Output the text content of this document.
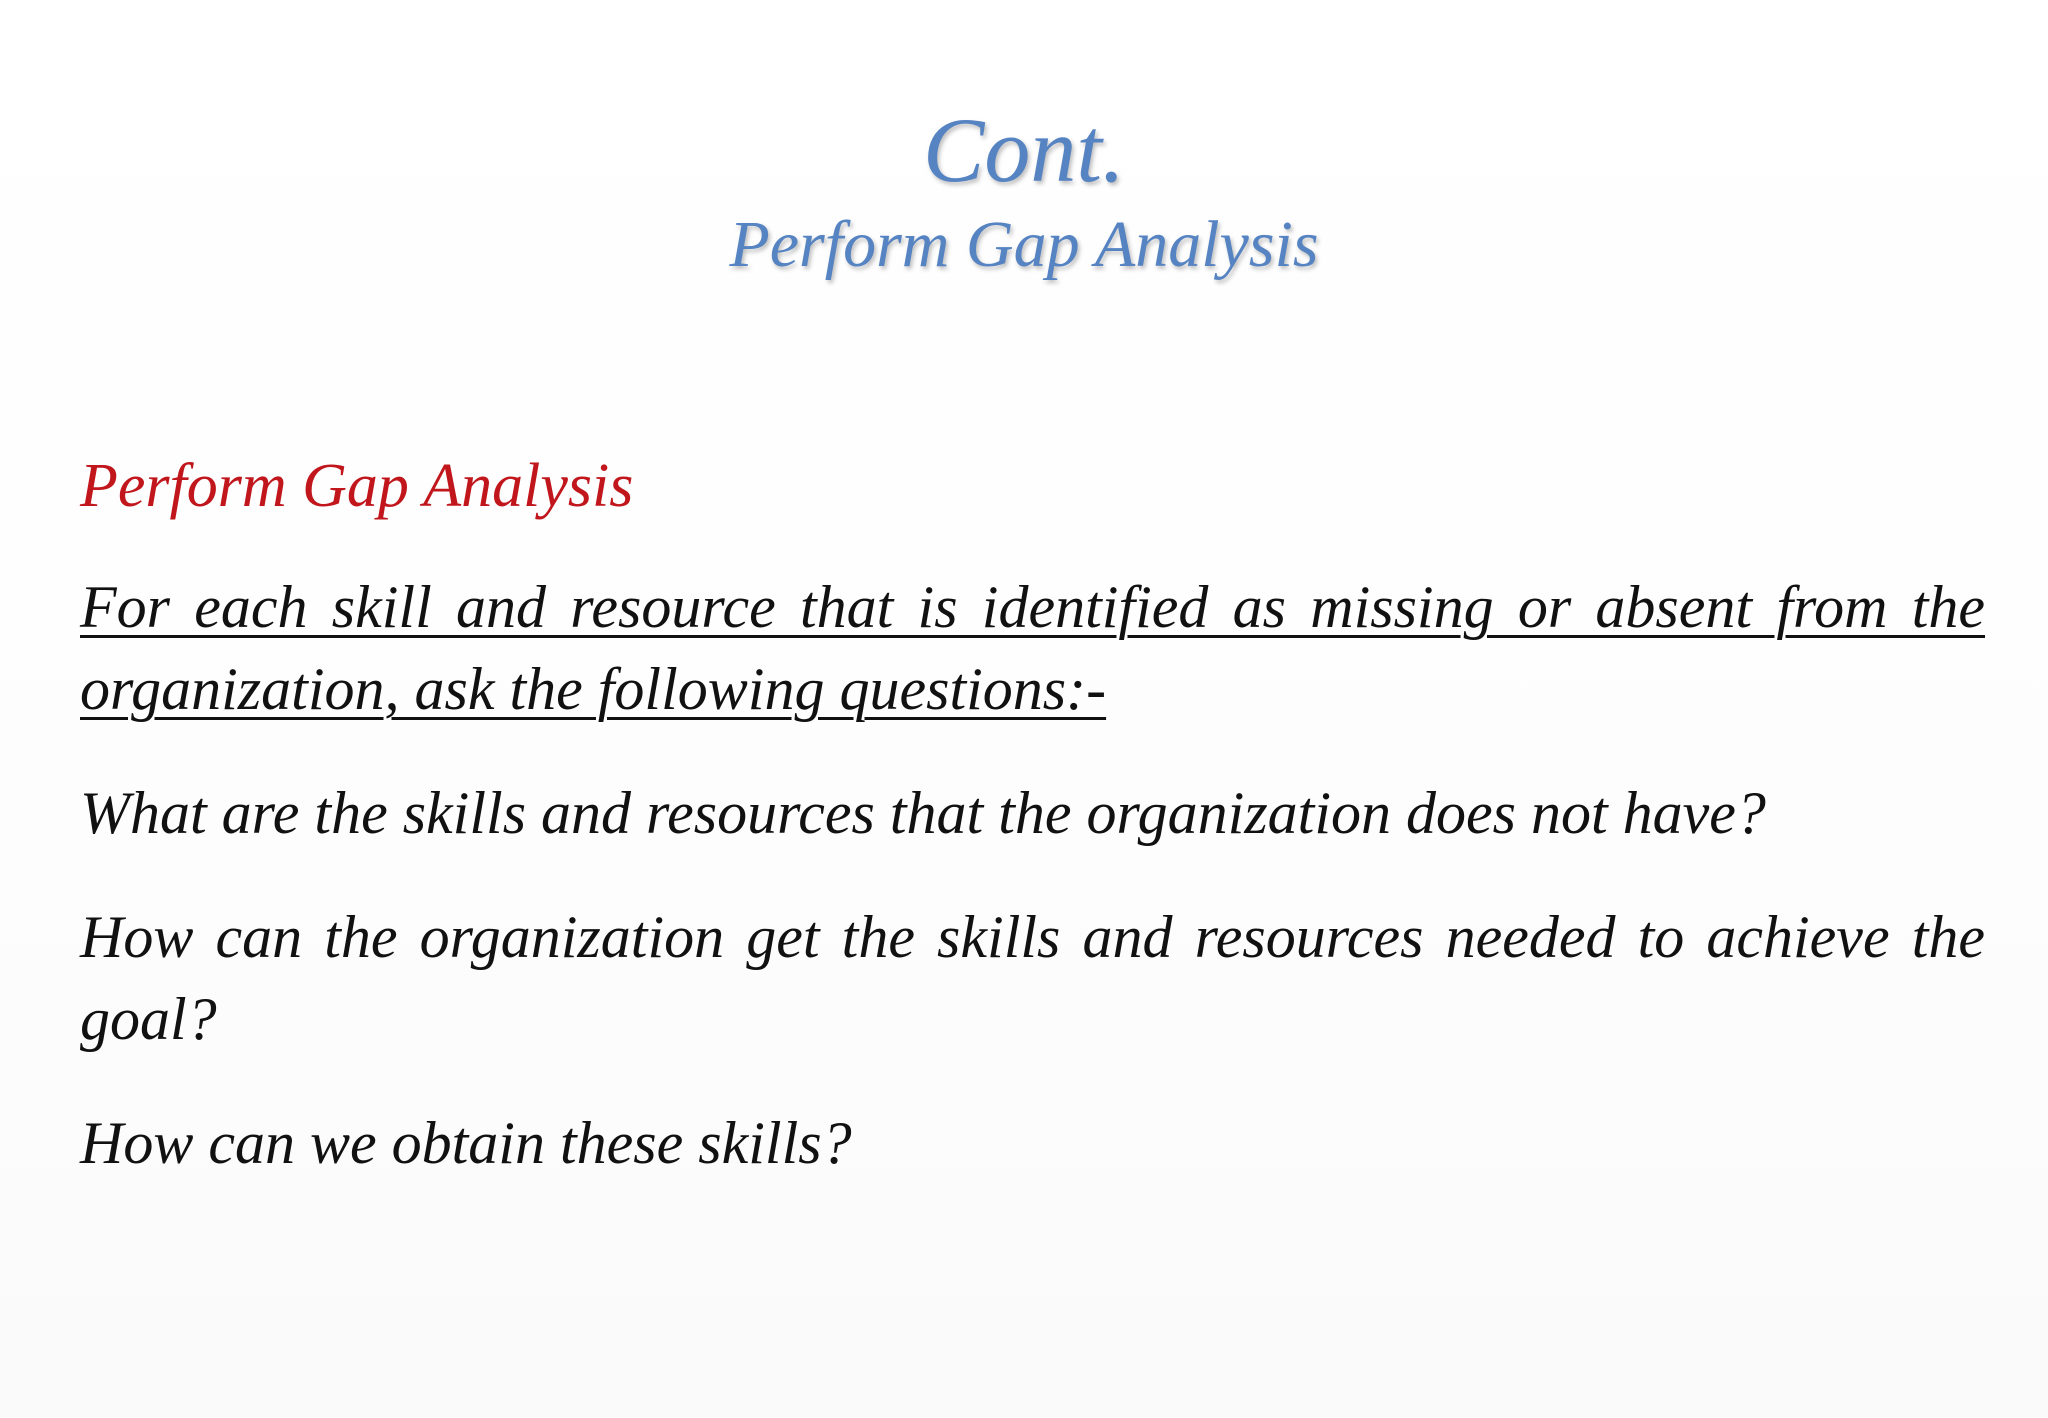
Cont.
Perform Gap Analysis

Perform Gap Analysis

For each skill and resource that is identified as missing or absent from the organization, ask the following questions:-

What are the skills and resources that the organization does not have?

How can the organization get the skills and resources needed to achieve the goal?

How can we obtain these skills?
